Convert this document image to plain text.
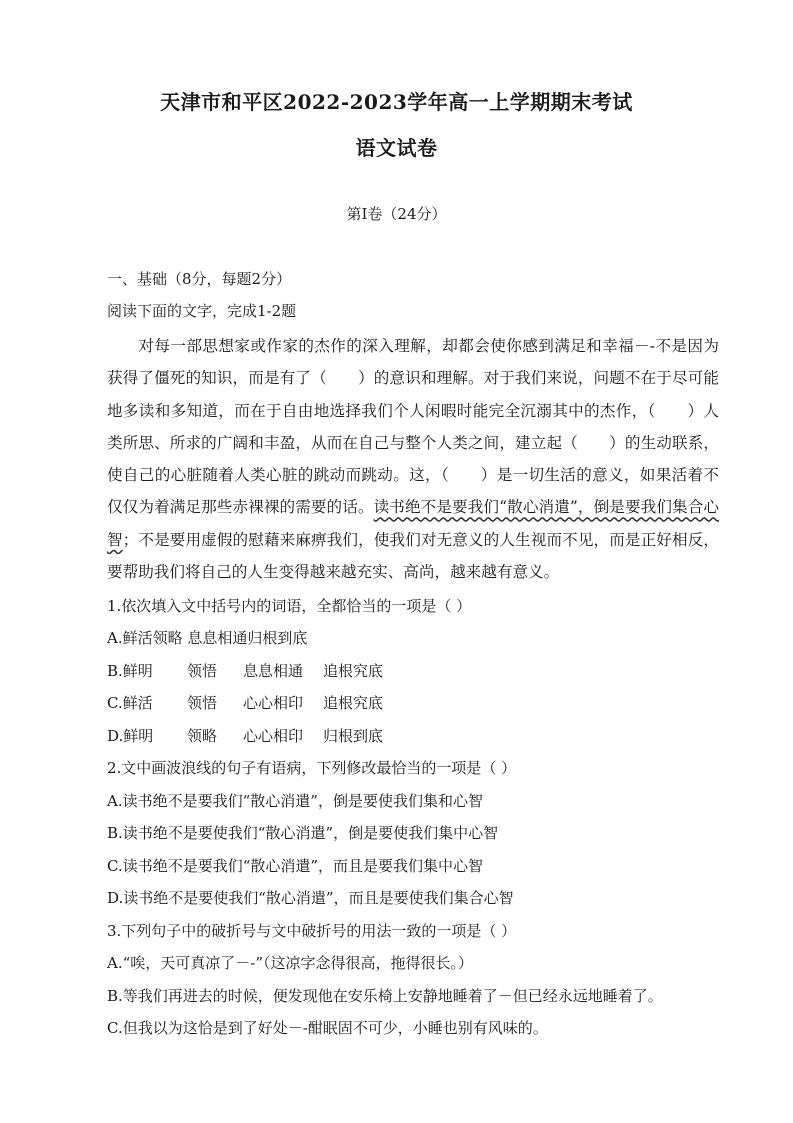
天津市和平区2022-2023学年高一上学期期末考试
语文试卷
第Ⅰ卷（24分）
一、基础（8分，每题2分）
阅读下面的文字，完成1-2题
对每一部思想家或作家的杰作的深入理解，却都会使你感到满足和幸福－-不是因为获得了僵死的知识，而是有了（　　）的意识和理解。对于我们来说，问题不在于尽可能地多读和多知道，而在于自由地选择我们个人闲暇时能完全沉溺其中的杰作，（　　）人类所思、所求的广阔和丰盈，从而在自己与整个人类之间，建立起（　　）的生动联系，使自己的心脏随着人类心脏的跳动而跳动。这，（　　）是一切生活的意义，如果活着不仅仅为着满足那些赤裸裸的需要的话。读书绝不是要我们“散心消遣”，倒是要我们集合心智；不是要用虚假的慰藉来麻痹我们，使我们对无意义的人生视而不见，而是正好相反，要帮助我们将自己的人生变得越来越充实、高尚，越来越有意义。
1.依次填入文中括号内的词语，全都恰当的一项是（ ）
A.鲜活领略 息息相通归根到底
B.鲜明 领悟 息息相通 追根究底
C.鲜活 领悟 心心相印 追根究底
D.鲜明 领略 心心相印 归根到底
2.文中画波浪线的句子有语病，下列修改最恰当的一项是（ ）
A.读书绝不是要我们“散心消遣”，倒是要使我们集和心智
B.读书绝不是要使我们“散心消遣”，倒是要使我们集中心智
C.读书绝不是要我们“散心消遣”，而且是要我们集中心智
D.读书绝不是要使我们“散心消遣”，而且是要使我们集合心智
3.下列句子中的破折号与文中破折号的用法一致的一项是（ ）
A.“唉，天可真凉了－-”（这凉字念得很高，拖得很长。）
B.等我们再进去的时候，便发现他在安乐椅上安静地睡着了－但已经永远地睡着了。
C.但我以为这恰是到了好处－-酣眠固不可少，小睡也别有风味的。
